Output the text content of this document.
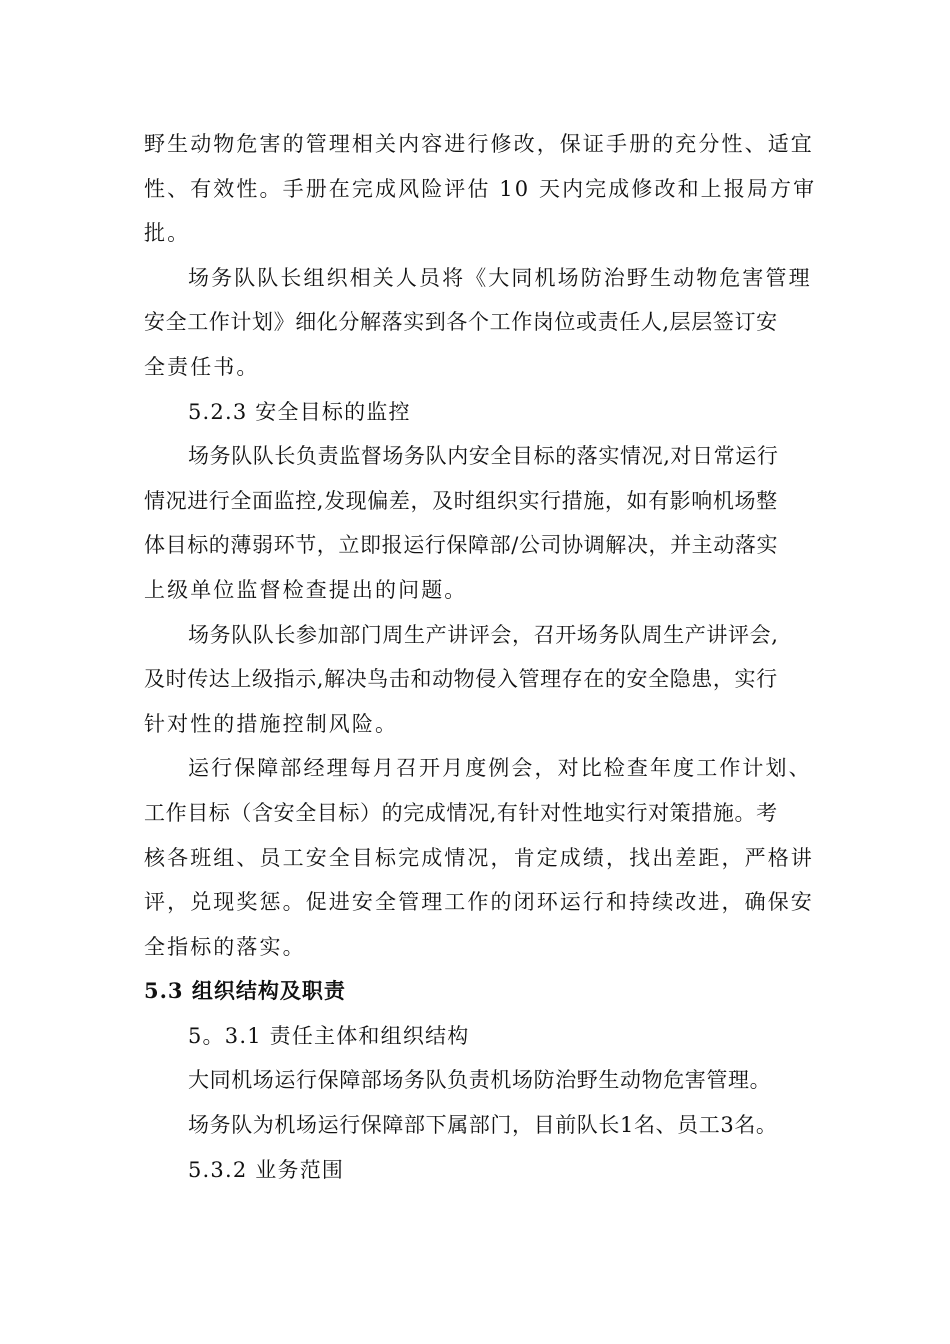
野生动物危害的管理相关内容进行修改，保证手册的充分性、适宜
性、有效性。手册在完成风险评估 10 天内完成修改和上报局方审
批。
场务队队长组织相关人员将《大同机场防治野生动物危害管理
安全工作计划》细化分解落实到各个工作岗位或责任人,层层签订安
全责任书。
5.2.3 安全目标的监控
场务队队长负责监督场务队内安全目标的落实情况,对日常运行
情况进行全面监控,发现偏差，及时组织实行措施，如有影响机场整
体目标的薄弱环节，立即报运行保障部/公司协调解决，并主动落实
上级单位监督检查提出的问题。
场务队队长参加部门周生产讲评会，召开场务队周生产讲评会,
及时传达上级指示,解决鸟击和动物侵入管理存在的安全隐患，实行
针对性的措施控制风险。
运行保障部经理每月召开月度例会，对比检查年度工作计划、
工作目标（含安全目标）的完成情况,有针对性地实行对策措施。考
核各班组、员工安全目标完成情况，肯定成绩，找出差距，严格讲
评，兑现奖惩。促进安全管理工作的闭环运行和持续改进，确保安
全指标的落实。
5.3 组织结构及职责
5。3.1 责任主体和组织结构
大同机场运行保障部场务队负责机场防治野生动物危害管理。
场务队为机场运行保障部下属部门，目前队长1名、员工3名。
5.3.2 业务范围
